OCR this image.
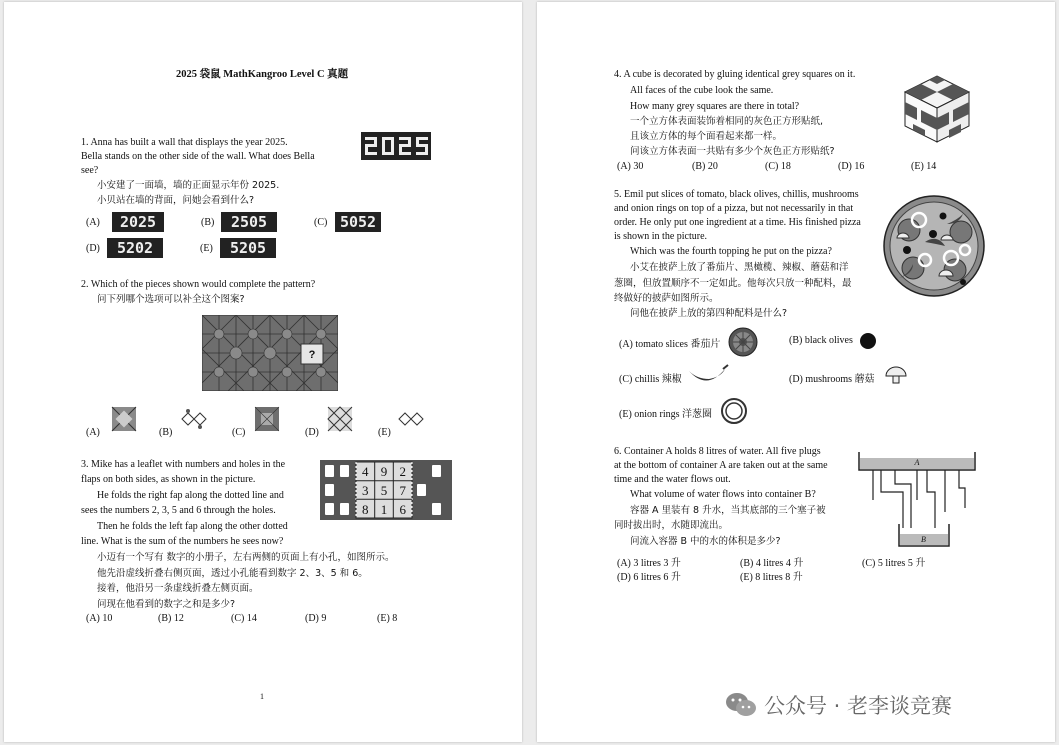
2025 袋鼠 MathKangroo Level C 真题
1. Anna has built a wall that displays the year 2025.
Bella stands on the other side of the wall. What does Bella
see?
小安建了一面墙，墙的正面显示年份 2025.
小贝站在墙的背面，问她会看到什么?
(A)	2025	(B)	2505	(C) 5052
(D)	5202	(E)	5205
2. Which of the pieces shown would complete the pattern?
问下列哪个选项可以补全这个图案?
?
(A)	(B)	(C)	(D)	(E)
3. Mike has a leaflet with numbers and holes in the
flaps on both sides, as shown in the picture.
He folds the right fap along the dotted line and
sees the numbers 2, 3, 5 and 6 through the holes.
Then he folds the left fap along the other dotted
line. What is the sum of the numbers he sees now?
小迈有一个写有 数字的小册子，左右两侧的页面上有小孔，如图所示。
他先沿虚线折叠右侧页面，透过小孔能看到数字 2、3、5 和 6。
接着，他沿另一条虚线折叠左侧页面。
问现在他看到的数字之和是多少?
4 9 2
3 5 7
8 1 6
(A) 10	(B) 12	(C) 14	(D) 9	(E) 8
1
4. A cube is decorated by gluing identical grey squares on it.
All faces of the cube look the same.
How many grey squares are there in total?
一个立方体表面装饰着相同的灰色正方形贴纸,
且该立方体的每个面看起来都一样。
问该立方体表面一共贴有多少个灰色正方形贴纸?
(A) 30	(B) 20	(C) 18	(D) 16	(E) 14
5. Emil put slices of tomato, black olives, chillis, mushrooms
and onion rings on top of a pizza, but not necessarily in that
order. He only put one ingredient at a time. His finished pizza
is shown in the picture.
Which was the fourth topping he put on the pizza?
小艾在披萨上放了番茄片、黑橄榄、辣椒、蘑菇和洋
葱圈，但放置顺序不一定如此。他每次只放一种配料，最
终做好的披萨如图所示。
问他在披萨上放的第四种配料是什么?
(A) tomato slices 番茄片	(B) black olives
(C) chillis 辣椒	(D) mushrooms 蘑菇
(E) onion rings 洋葱圈
6. Container A holds 8 litres of water. All five plugs
at the bottom of container A are taken out at the same
time and the water flows out.
What volume of water flows into container B?
容器 A 里装有 8 升水，当其底部的三个塞子被
同时拔出时，水随即流出。
问流入容器 B 中的水的体积是多少?
A
B
(A) 3 litres 3 升	(B) 4 litres 4 升	(C) 5 litres 5 升
(D) 6 litres 6 升	(E) 8 litres 8 升
公众号 · 老李谈竞赛
